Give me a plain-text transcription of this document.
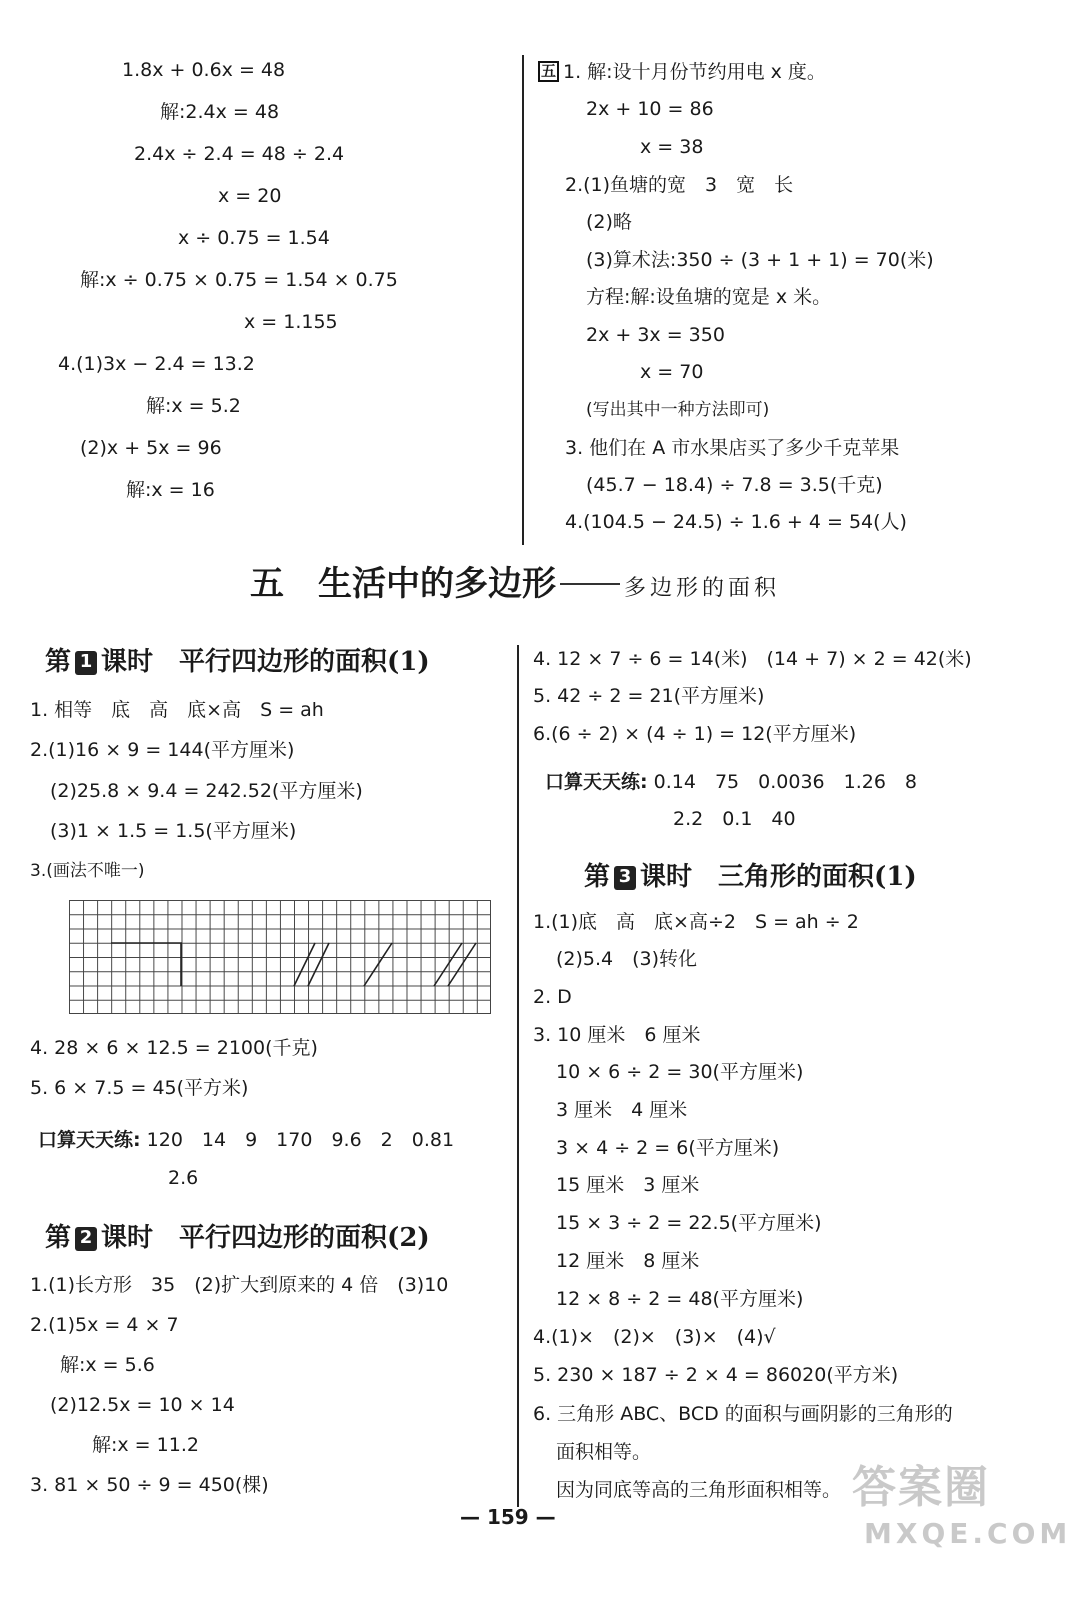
1.8x + 0.6x = 48
解:2.4x = 48
2.4x ÷ 2.4 = 48 ÷ 2.4
x = 20
x ÷ 0.75 = 1.54
解:x ÷ 0.75 × 0.75 = 1.54 × 0.75
x = 1.155
4.(1)3x − 2.4 = 13.2
解:x = 5.2
(2)x + 5x = 96
解:x = 16
五 1. 解:设十月份节约用电 x 度。
2x + 10 = 86
x = 38
2.(1)鱼塘的宽　3　宽　长
(2)略
(3)算术法:350 ÷ (3 + 1 + 1) = 70(米)
方程:解:设鱼塘的宽是 x 米。
2x + 3x = 350
x = 70
(写出其中一种方法即可)
3. 他们在 A 市水果店买了多少千克苹果
(45.7 − 18.4) ÷ 7.8 = 3.5(千克)
4.(104.5 − 24.5) ÷ 1.6 + 4 = 54(人)
五　生活中的多边形	多边形的面积
第 1 课时　平行四边形的面积(1)
1. 相等　底　高　底×高　S = ah
2.(1)16 × 9 = 144(平方厘米)
(2)25.8 × 9.4 = 242.52(平方厘米)
(3)1 × 1.5 = 1.5(平方厘米)
3.(画法不唯一)
4. 28 × 6 × 12.5 = 2100(千克)
5. 6 × 7.5 = 45(平方米)
口算天天练: 120　14　9　170　9.6　2　0.81
2.6
第 2 课时　平行四边形的面积(2)
1.(1)长方形　35　(2)扩大到原来的 4 倍　(3)10
2.(1)5x = 4 × 7
解:x = 5.6
(2)12.5x = 10 × 14
解:x = 11.2
3. 81 × 50 ÷ 9 = 450(棵)
4. 12 × 7 ÷ 6 = 14(米)　(14 + 7) × 2 = 42(米)
5. 42 ÷ 2 = 21(平方厘米)
6.(6 ÷ 2) × (4 ÷ 1) = 12(平方厘米)
口算天天练: 0.14　75　0.0036　1.26　8
2.2　0.1　40
第 3 课时　三角形的面积(1)
1.(1)底　高　底×高÷2　S = ah ÷ 2
(2)5.4　(3)转化
2. D
3. 10 厘米　6 厘米
10 × 6 ÷ 2 = 30(平方厘米)
3 厘米　4 厘米
3 × 4 ÷ 2 = 6(平方厘米)
15 厘米　3 厘米
15 × 3 ÷ 2 = 22.5(平方厘米)
12 厘米　8 厘米
12 × 8 ÷ 2 = 48(平方厘米)
4.(1)×　(2)×　(3)×　(4)√
5. 230 × 187 ÷ 2 × 4 = 86020(平方米)
6. 三角形 ABC、BCD 的面积与画阴影的三角形的
面积相等。
因为同底等高的三角形面积相等。
— 159 —
答案圈
MXQE.COM
